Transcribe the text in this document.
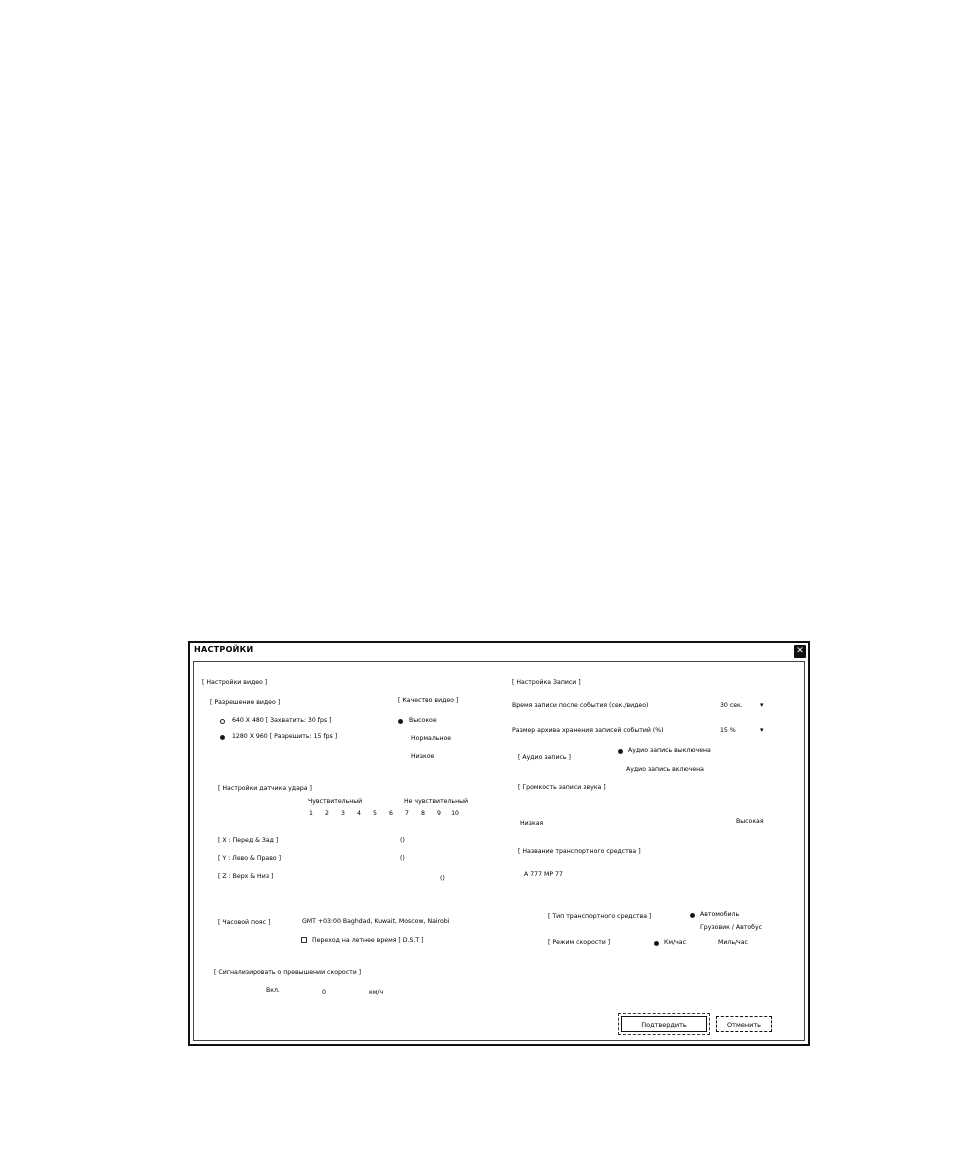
НАСТРОЙКИ	✕
[ Настройки видео ]
[ Разрешение видео ]
640 X 480 [ Захватить: 30 fps ]
1280 X 960 [ Разрешить: 15 fps ]
[ Качество видео ]
Высокое
Нормальное
Низкое
[ Настройки датчика удара ]
Чувствительный	Не чувствительный
1 2 3 4 5 6 7 8 9 10
[ X : Перед & Зад ]	()
[ Y : Лево & Право ]	()
[ Z : Верх & Низ ]	()
[ Часовой пояс ]	GMT +03:00 Baghdad, Kuwait, Moscow, Nairobi
Переход на летнее время [ D.S.T ]
[ Сигнализировать о превышении скорости ]
Вкл.	0	км/ч
[ Настройка Записи ]
Время записи после события (сек./видео)	30 сек. ▾
Размер архива хранения записей событий (%)	15 %	▾
[ Аудио запись ]
Аудио запись выключена
Аудио запись включена
[ Громкость записи звука ]
Низкая	Высокая
[ Название транспортного средства ]
A 777 МР 77
[ Тип транспортного средства ]	Автомобиль
Грузовик / Автобус
[ Режим скорости ]	Км/час	Миль/час
Подтвердить	Отменить
